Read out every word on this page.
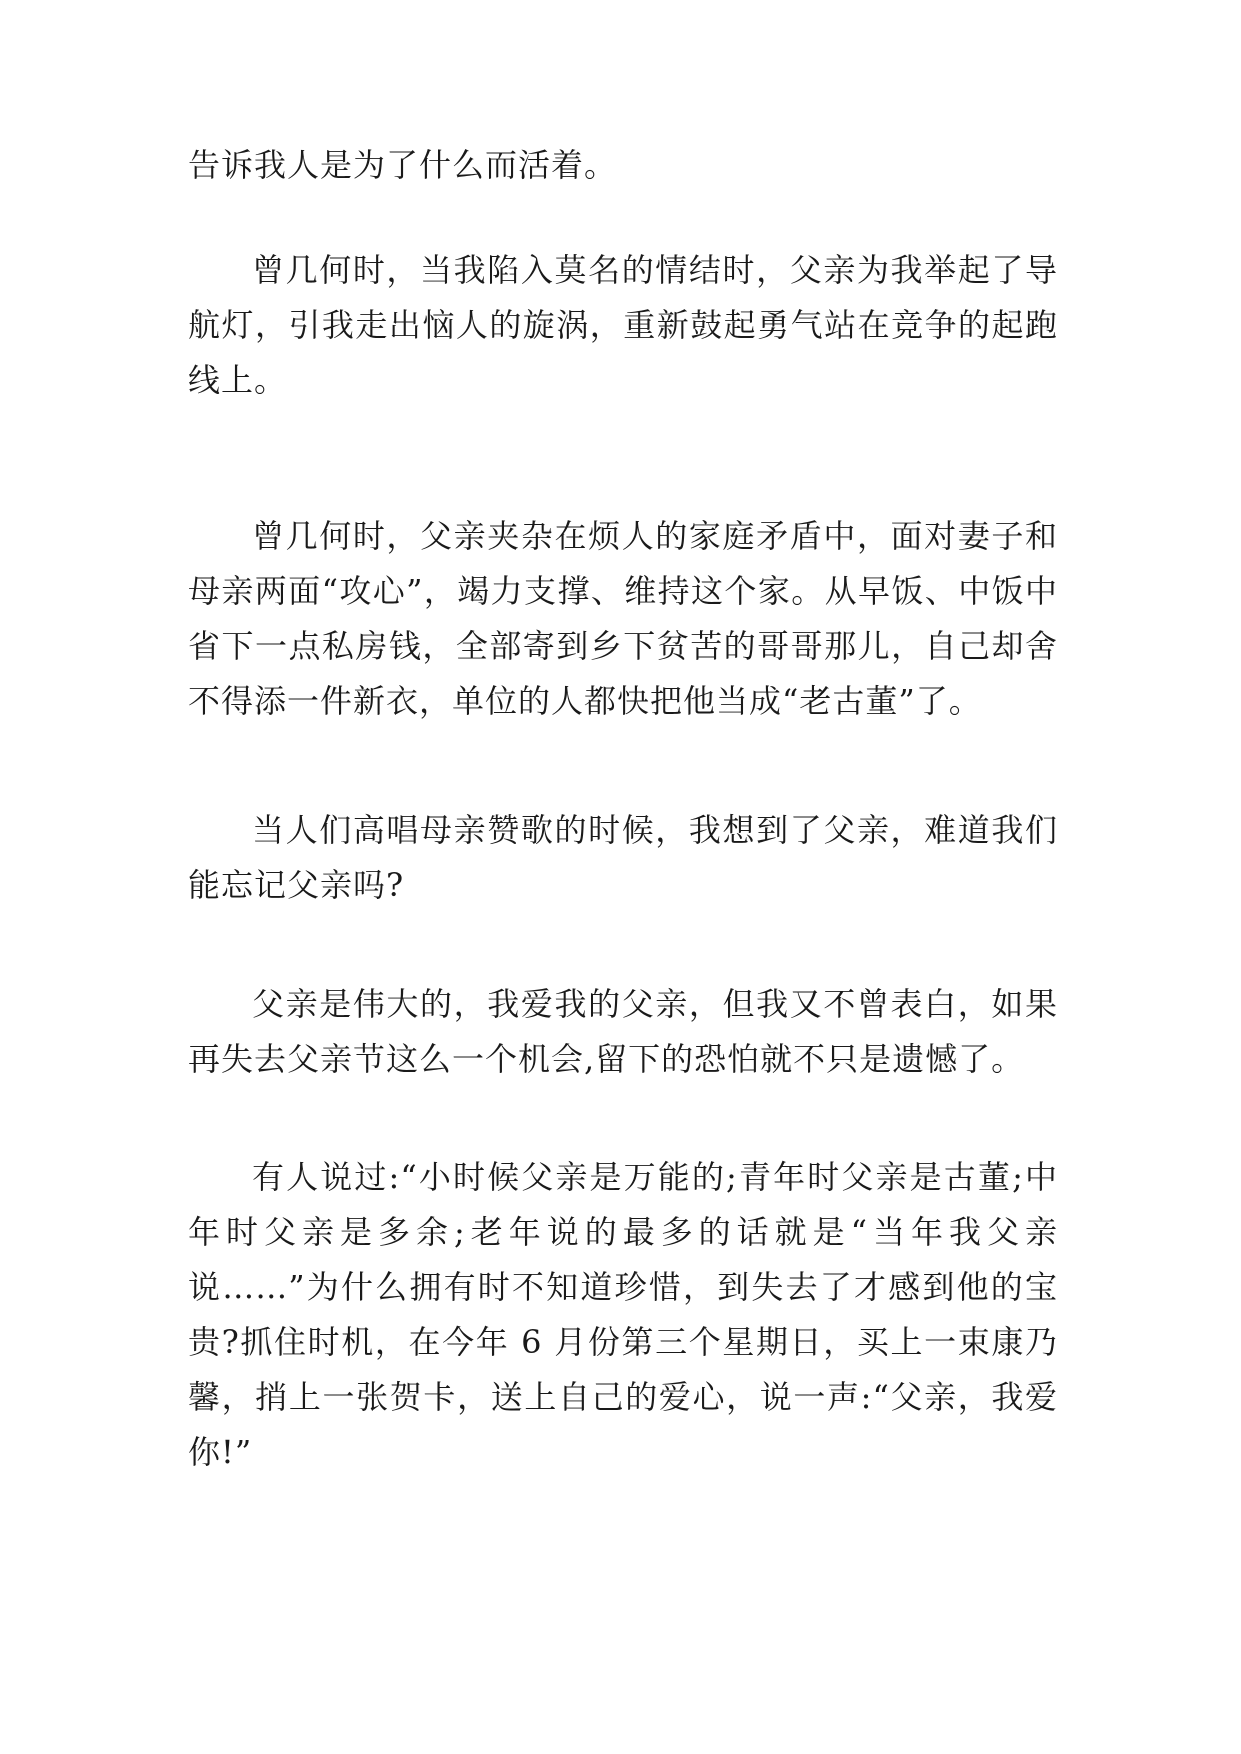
告诉我人是为了什么而活着。

曾几何时，当我陷入莫名的情结时，父亲为我举起了导航灯，引我走出恼人的旋涡，重新鼓起勇气站在竞争的起跑线上。

曾几何时，父亲夹杂在烦人的家庭矛盾中，面对妻子和母亲两面“攻心”，竭力支撑、维持这个家。从早饭、中饭中省下一点私房钱，全部寄到乡下贫苦的哥哥那儿，自己却舍不得添一件新衣，单位的人都快把他当成“老古董”了。

当人们高唱母亲赞歌的时候，我想到了父亲，难道我们能忘记父亲吗?

父亲是伟大的，我爱我的父亲，但我又不曾表白，如果再失去父亲节这么一个机会,留下的恐怕就不只是遗憾了。

有人说过:“小时候父亲是万能的;青年时父亲是古董;中年时父亲是多余;老年说的最多的话就是“当年我父亲说……”为什么拥有时不知道珍惜，到失去了才感到他的宝贵?抓住时机，在今年 6 月份第三个星期日，买上一束康乃馨，捎上一张贺卡，送上自己的爱心，说一声:“父亲，我爱你!”
